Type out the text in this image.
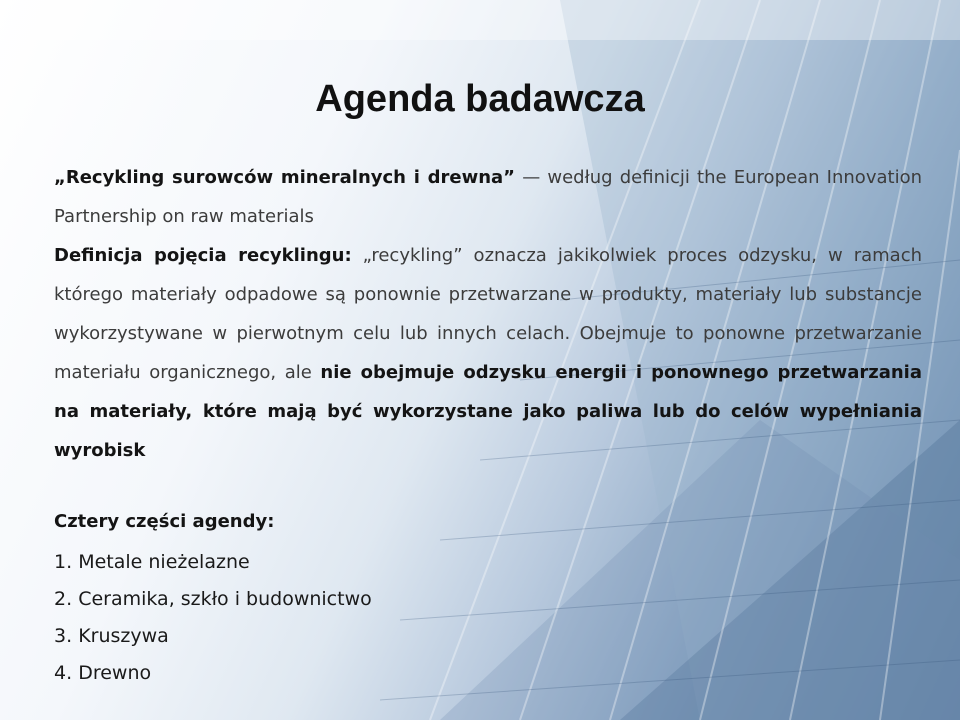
Agenda badawcza

„Recykling surowców mineralnych i drewna” — według definicji the European Innovation Partnership on raw materials

Definicja pojęcia recyklingu: „recykling” oznacza jakikolwiek proces odzysku, w ramach którego materiały odpadowe są ponownie przetwarzane w produkty, materiały lub substancje wykorzystywane w pierwotnym celu lub innych celach. Obejmuje to ponowne przetwarzanie materiału organicznego, ale nie obejmuje odzysku energii i ponownego przetwarzania na materiały, które mają być wykorzystane jako paliwa lub do celów wypełniania wyrobisk

Cztery części agendy:

1. Metale nieżelazne
2. Ceramika, szkło i budownictwo
3. Kruszywa
4. Drewno
